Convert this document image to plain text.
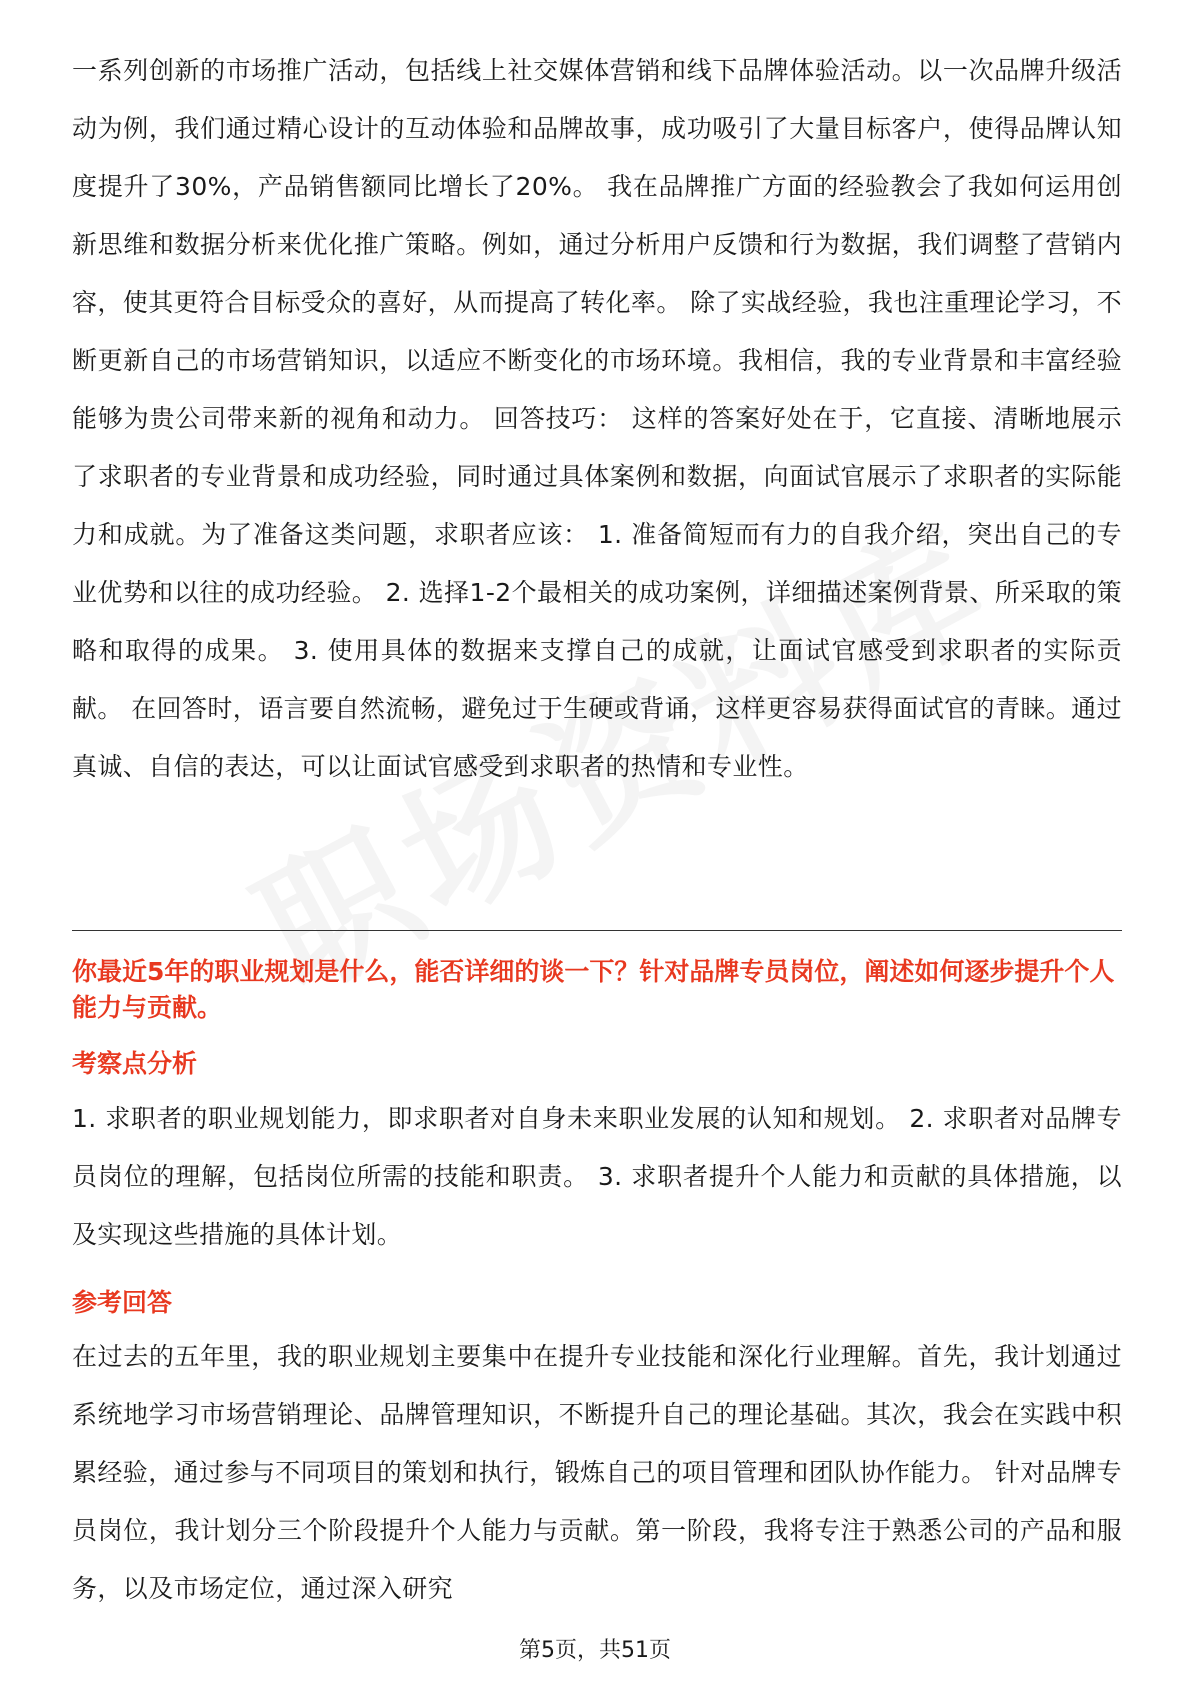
一系列创新的市场推广活动，包括线上社交媒体营销和线下品牌体验活动。以一次品牌升级活动为例，我们通过精心设计的互动体验和品牌故事，成功吸引了大量目标客户，使得品牌认知度提升了30%，产品销售额同比增长了20%。 我在品牌推广方面的经验教会了我如何运用创新思维和数据分析来优化推广策略。例如，通过分析用户反馈和行为数据，我们调整了营销内容，使其更符合目标受众的喜好，从而提高了转化率。 除了实战经验，我也注重理论学习，不断更新自己的市场营销知识，以适应不断变化的市场环境。我相信，我的专业背景和丰富经验能够为贵公司带来新的视角和动力。 回答技巧： 这样的答案好处在于，它直接、清晰地展示了求职者的专业背景和成功经验，同时通过具体案例和数据，向面试官展示了求职者的实际能力和成就。为了准备这类问题，求职者应该： 1. 准备简短而有力的自我介绍，突出自己的专业优势和以往的成功经验。 2. 选择1-2个最相关的成功案例，详细描述案例背景、所采取的策略和取得的成果。 3. 使用具体的数据来支撑自己的成就，让面试官感受到求职者的实际贡献。 在回答时，语言要自然流畅，避免过于生硬或背诵，这样更容易获得面试官的青睐。通过真诚、自信的表达，可以让面试官感受到求职者的热情和专业性。

你最近5年的职业规划是什么，能否详细的谈一下？针对品牌专员岗位，阐述如何逐步提升个人能力与贡献。

考察点分析

1. 求职者的职业规划能力，即求职者对自身未来职业发展的认知和规划。 2. 求职者对品牌专员岗位的理解，包括岗位所需的技能和职责。 3. 求职者提升个人能力和贡献的具体措施，以及实现这些措施的具体计划。

参考回答

在过去的五年里，我的职业规划主要集中在提升专业技能和深化行业理解。首先，我计划通过系统地学习市场营销理论、品牌管理知识，不断提升自己的理论基础。其次，我会在实践中积累经验，通过参与不同项目的策划和执行，锻炼自己的项目管理和团队协作能力。 针对品牌专员岗位，我计划分三个阶段提升个人能力与贡献。第一阶段，我将专注于熟悉公司的产品和服务，以及市场定位，通过深入研究

第5页，共51页
